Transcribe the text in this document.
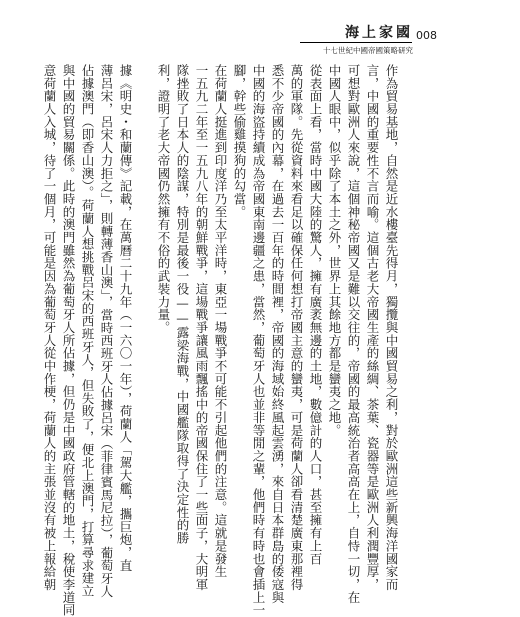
海上家國
十七世紀中國帝國策略研究
008
作為貿易基地，自然是近水樓臺先得月，獨攬與中國貿易之利，對於歐洲這些新興海洋國家而
言，中國的重要性不言而喻。這個古老大帝國生產的絲綢、茶葉、瓷器等是歐洲人利潤豐厚，
可想對歐洲人來說，這個神秘帝國又是難以交往的，帝國的最高統治者高高在上，自恃一切，在
中國人眼中，似乎除了本土之外，世界上其餘地方都是蠻夷之地。
從表面上看，當時中國大陸的驚人，擁有廣袤無邊的土地，數億計的人口，甚至擁有上百
萬的軍隊。先從資料來看足以確保任何想打帝國主意的蠻夷，可是荷蘭人卻看清楚廣東那裡得
悉不少帝國的內幕，在過去一百年的時間裡，帝國的海域始終風起雲湧，來自日本群島的倭寇與
中國的海盜持續成為帝國東南邊疆之患，當然，葡萄牙人也並非等閒之輩，他們時有時也會插上一
腳，幹些偷雞摸狗的勾當。
在荷蘭人挺進到印度洋乃至太平洋時，東亞一場戰爭不可能不引起他們的注意。這就是發生
一五九二年至一五九八年的朝鮮戰爭，這場戰爭讓風雨飄搖中的帝國保住了一些面子，大明軍
隊挫敗了日本人的陰謀，特別是最後一役——露梁海戰，中國艦隊取得了決定性的勝
利，證明了老大帝國仍然擁有不俗的武裝力量。
據《明史・和蘭傳》記載，在萬曆二十九年（一六〇一年），荷蘭人「駕大艦，攜巨炮，直
薄呂宋，呂宋人力拒之」，則轉薄香山澳」，當時西班牙人佔據呂宋（菲律賓馬尼拉），葡萄牙人
佔據澳門（即香山澳）。荷蘭人想挑戰呂宋的西班牙人，但失敗了，便北上澳門，打算尋求建立
與中國的貿易關係。此時的澳門雖然為葡萄牙人所佔據，但仍是中國政府管轄的地土，稅使李道同
意荷蘭人入城，待了一個月，可能是因為葡萄牙人從中作梗，荷蘭人的主張並沒有被上報給朝
